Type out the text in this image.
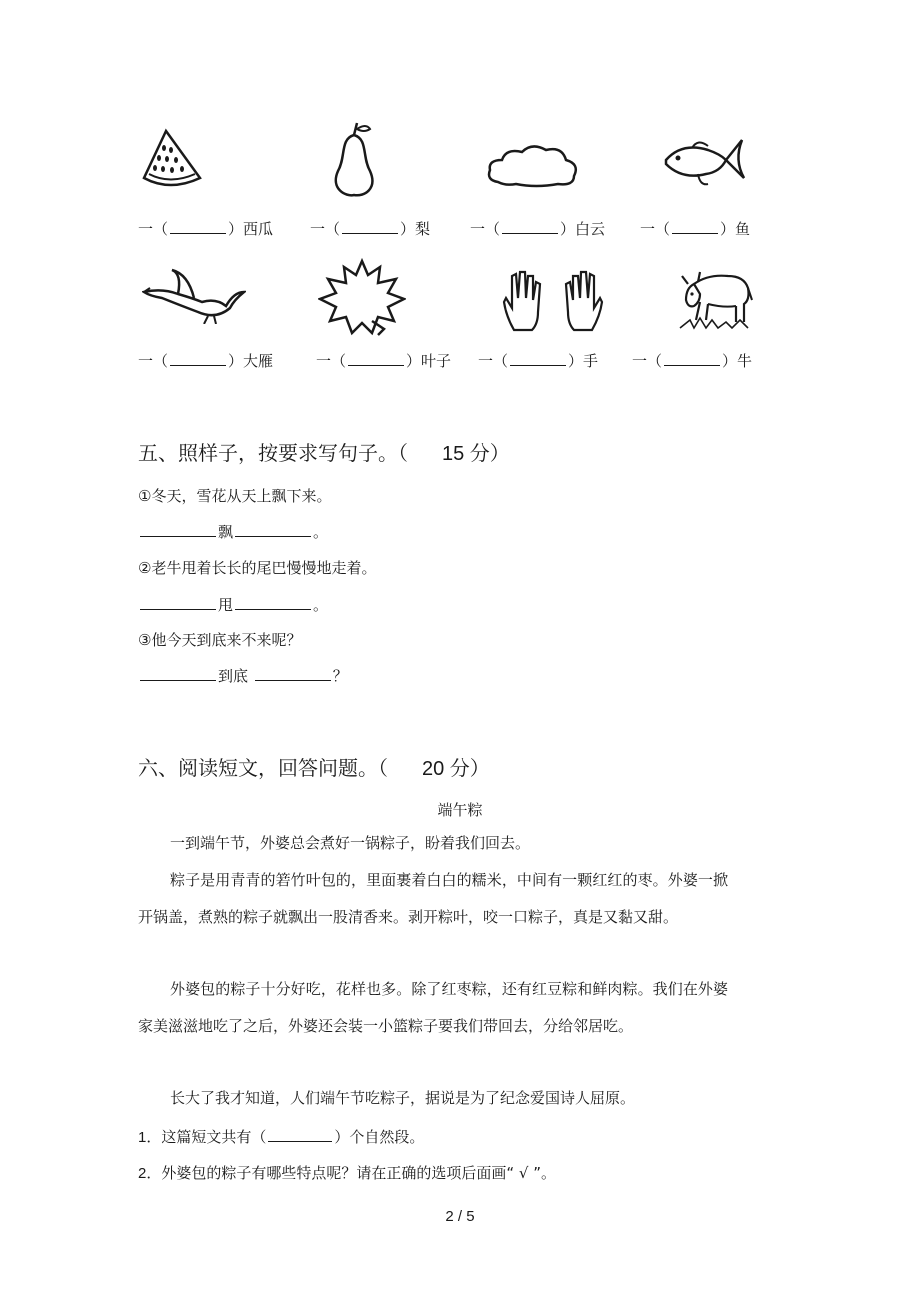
一（	）西瓜 一（	）梨	一（	）白云 一（	）鱼
一（	）大雁	一（	）叶子 一（	）手 一（	）牛
五、照样子，按要求写句子。（ 15 分）
①冬天，雪花从天上飘下来。
飘	。
②老牛甩着长长的尾巴慢慢地走着。
甩	。
③他今天到底来不来呢？
到底	？
六、阅读短文，回答问题。（ 20 分）
端午粽
一到端午节，外婆总会煮好一锅粽子，盼着我们回去。
粽子是用青青的箬竹叶包的，里面裹着白白的糯米，中间有一颗红红的枣。外婆一掀开锅盖，煮熟的粽子就飘出一股清香来。剥开粽叶，咬一口粽子，真是又黏又甜。
外婆包的粽子十分好吃，花样也多。除了红枣粽，还有红豆粽和鲜肉粽。我们在外婆家美滋滋地吃了之后，外婆还会装一小篮粽子要我们带回去，分给邻居吃。
长大了我才知道，人们端午节吃粽子，据说是为了纪念爱国诗人屈原。
1．这篇短文共有（	）个自然段。
2．外婆包的粽子有哪些特点呢？请在正确的选项后面画“ √ ”。
2 / 5
